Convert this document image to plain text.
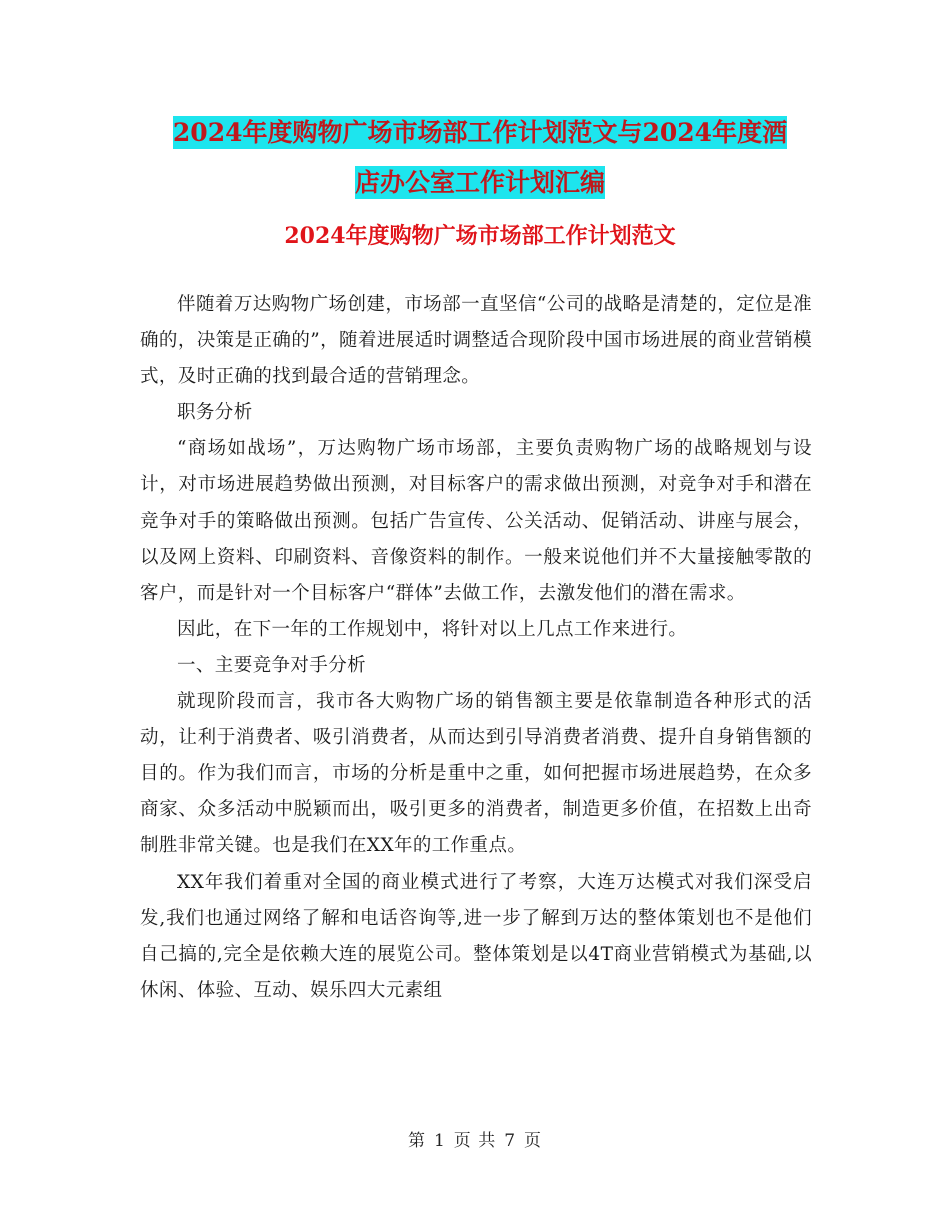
2024年度购物广场市场部工作计划范文与2024年度酒
店办公室工作计划汇编
2024年度购物广场市场部工作计划范文

伴随着万达购物广场创建，市场部一直坚信“公司的战略是清楚的，定位是准确的，决策是正确的”，随着进展适时调整适合现阶段中国市场进展的商业营销模式，及时正确的找到最合适的营销理念。

职务分析

“商场如战场”，万达购物广场市场部，主要负责购物广场的战略规划与设计，对市场进展趋势做出预测，对目标客户的需求做出预测，对竞争对手和潜在竞争对手的策略做出预测。包括广告宣传、公关活动、促销活动、讲座与展会，以及网上资料、印刷资料、音像资料的制作。一般来说他们并不大量接触零散的客户，而是针对一个目标客户“群体”去做工作，去激发他们的潜在需求。

因此，在下一年的工作规划中，将针对以上几点工作来进行。

一、主要竞争对手分析

就现阶段而言，我市各大购物广场的销售额主要是依靠制造各种形式的活动，让利于消费者、吸引消费者，从而达到引导消费者消费、提升自身销售额的目的。作为我们而言，市场的分析是重中之重，如何把握市场进展趋势，在众多商家、众多活动中脱颖而出，吸引更多的消费者，制造更多价值，在招数上出奇制胜非常关键。也是我们在XX年的工作重点。

XX年我们着重对全国的商业模式进行了考察，大连万达模式对我们深受启发,我们也通过网络了解和电话咨询等,进一步了解到万达的整体策划也不是他们自己搞的,完全是依赖大连的展览公司。整体策划是以4T商业营销模式为基础,以休闲、体验、互动、娱乐四大元素组

第 1 页 共 7 页
